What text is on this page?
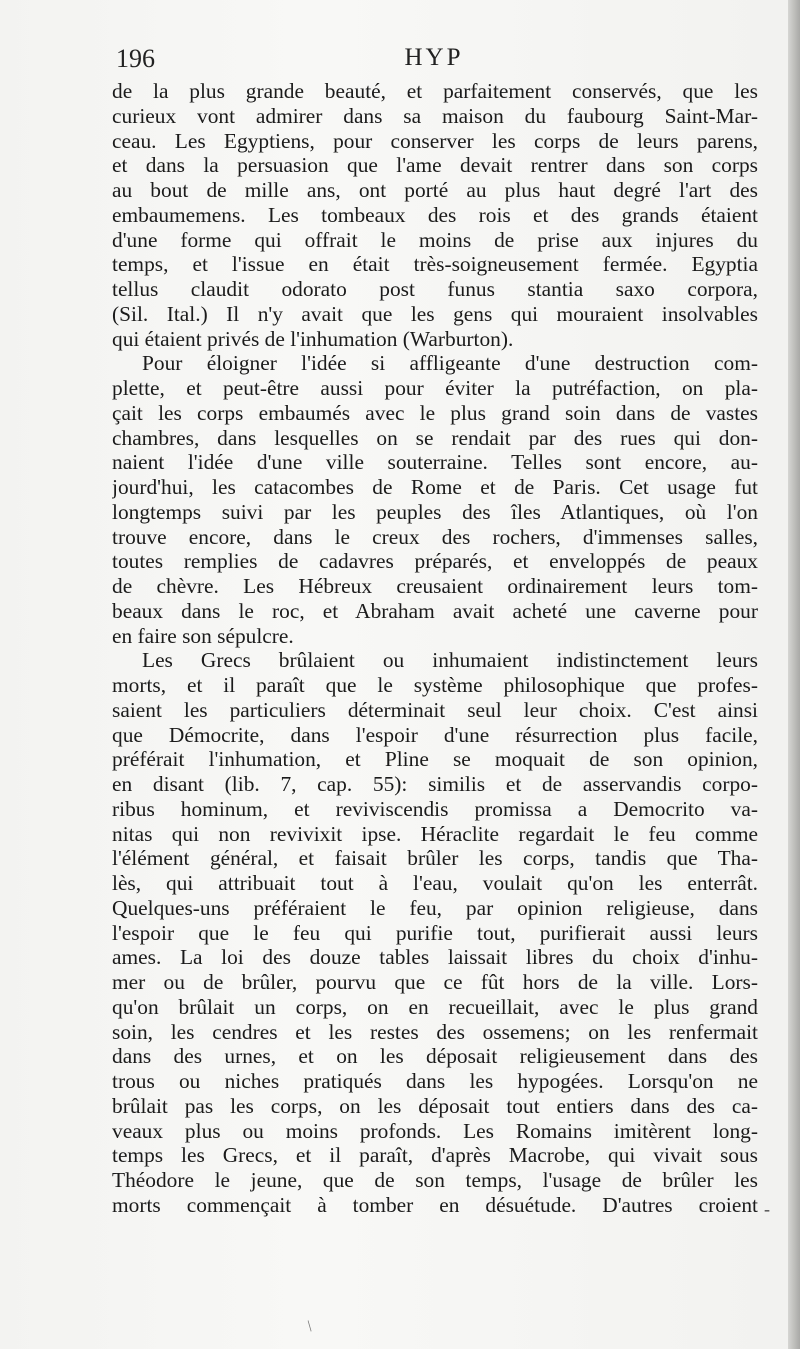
196	HYP
de la plus grande beauté, et parfaitement conservés, que les
curieux vont admirer dans sa maison du faubourg Saint-Mar-
ceau. Les Egyptiens, pour conserver les corps de leurs parens,
et dans la persuasion que l'ame devait rentrer dans son corps
au bout de mille ans, ont porté au plus haut degré l'art des
embaumemens. Les tombeaux des rois et des grands étaient
d'une forme qui offrait le moins de prise aux injures du
temps, et l'issue en était très-soigneusement fermée. Egyptia
tellus claudit odorato post funus stantia saxo corpora,
(Sil. Ital.) Il n'y avait que les gens qui mouraient insolvables
qui étaient privés de l'inhumation (Warburton).
Pour éloigner l'idée si affligeante d'une destruction com-
plette, et peut-être aussi pour éviter la putréfaction, on pla-
çait les corps embaumés avec le plus grand soin dans de vastes
chambres, dans lesquelles on se rendait par des rues qui don-
naient l'idée d'une ville souterraine. Telles sont encore, au-
jourd'hui, les catacombes de Rome et de Paris. Cet usage fut
longtemps suivi par les peuples des îles Atlantiques, où l'on
trouve encore, dans le creux des rochers, d'immenses salles,
toutes remplies de cadavres préparés, et enveloppés de peaux
de chèvre. Les Hébreux creusaient ordinairement leurs tom-
beaux dans le roc, et Abraham avait acheté une caverne pour
en faire son sépulcre.
Les Grecs brûlaient ou inhumaient indistinctement leurs
morts, et il paraît que le système philosophique que profes-
saient les particuliers déterminait seul leur choix. C'est ainsi
que Démocrite, dans l'espoir d'une résurrection plus facile,
préférait l'inhumation, et Pline se moquait de son opinion,
en disant (lib. 7, cap. 55): similis et de asservandis corpo-
ribus hominum, et reviviscendis promissa a Democrito va-
nitas qui non revivixit ipse. Héraclite regardait le feu comme
l'élément général, et faisait brûler les corps, tandis que Tha-
lès, qui attribuait tout à l'eau, voulait qu'on les enterrât.
Quelques-uns préféraient le feu, par opinion religieuse, dans
l'espoir que le feu qui purifie tout, purifierait aussi leurs
ames. La loi des douze tables laissait libres du choix d'inhu-
mer ou de brûler, pourvu que ce fût hors de la ville. Lors-
qu'on brûlait un corps, on en recueillait, avec le plus grand
soin, les cendres et les restes des ossemens; on les renfermait
dans des urnes, et on les déposait religieusement dans des
trous ou niches pratiqués dans les hypogées. Lorsqu'on ne
brûlait pas les corps, on les déposait tout entiers dans des ca-
veaux plus ou moins profonds. Les Romains imitèrent long-
temps les Grecs, et il paraît, d'après Macrobe, qui vivait sous
Théodore le jeune, que de son temps, l'usage de brûler les
morts commençait à tomber en désuétude. D'autres croient -
/
